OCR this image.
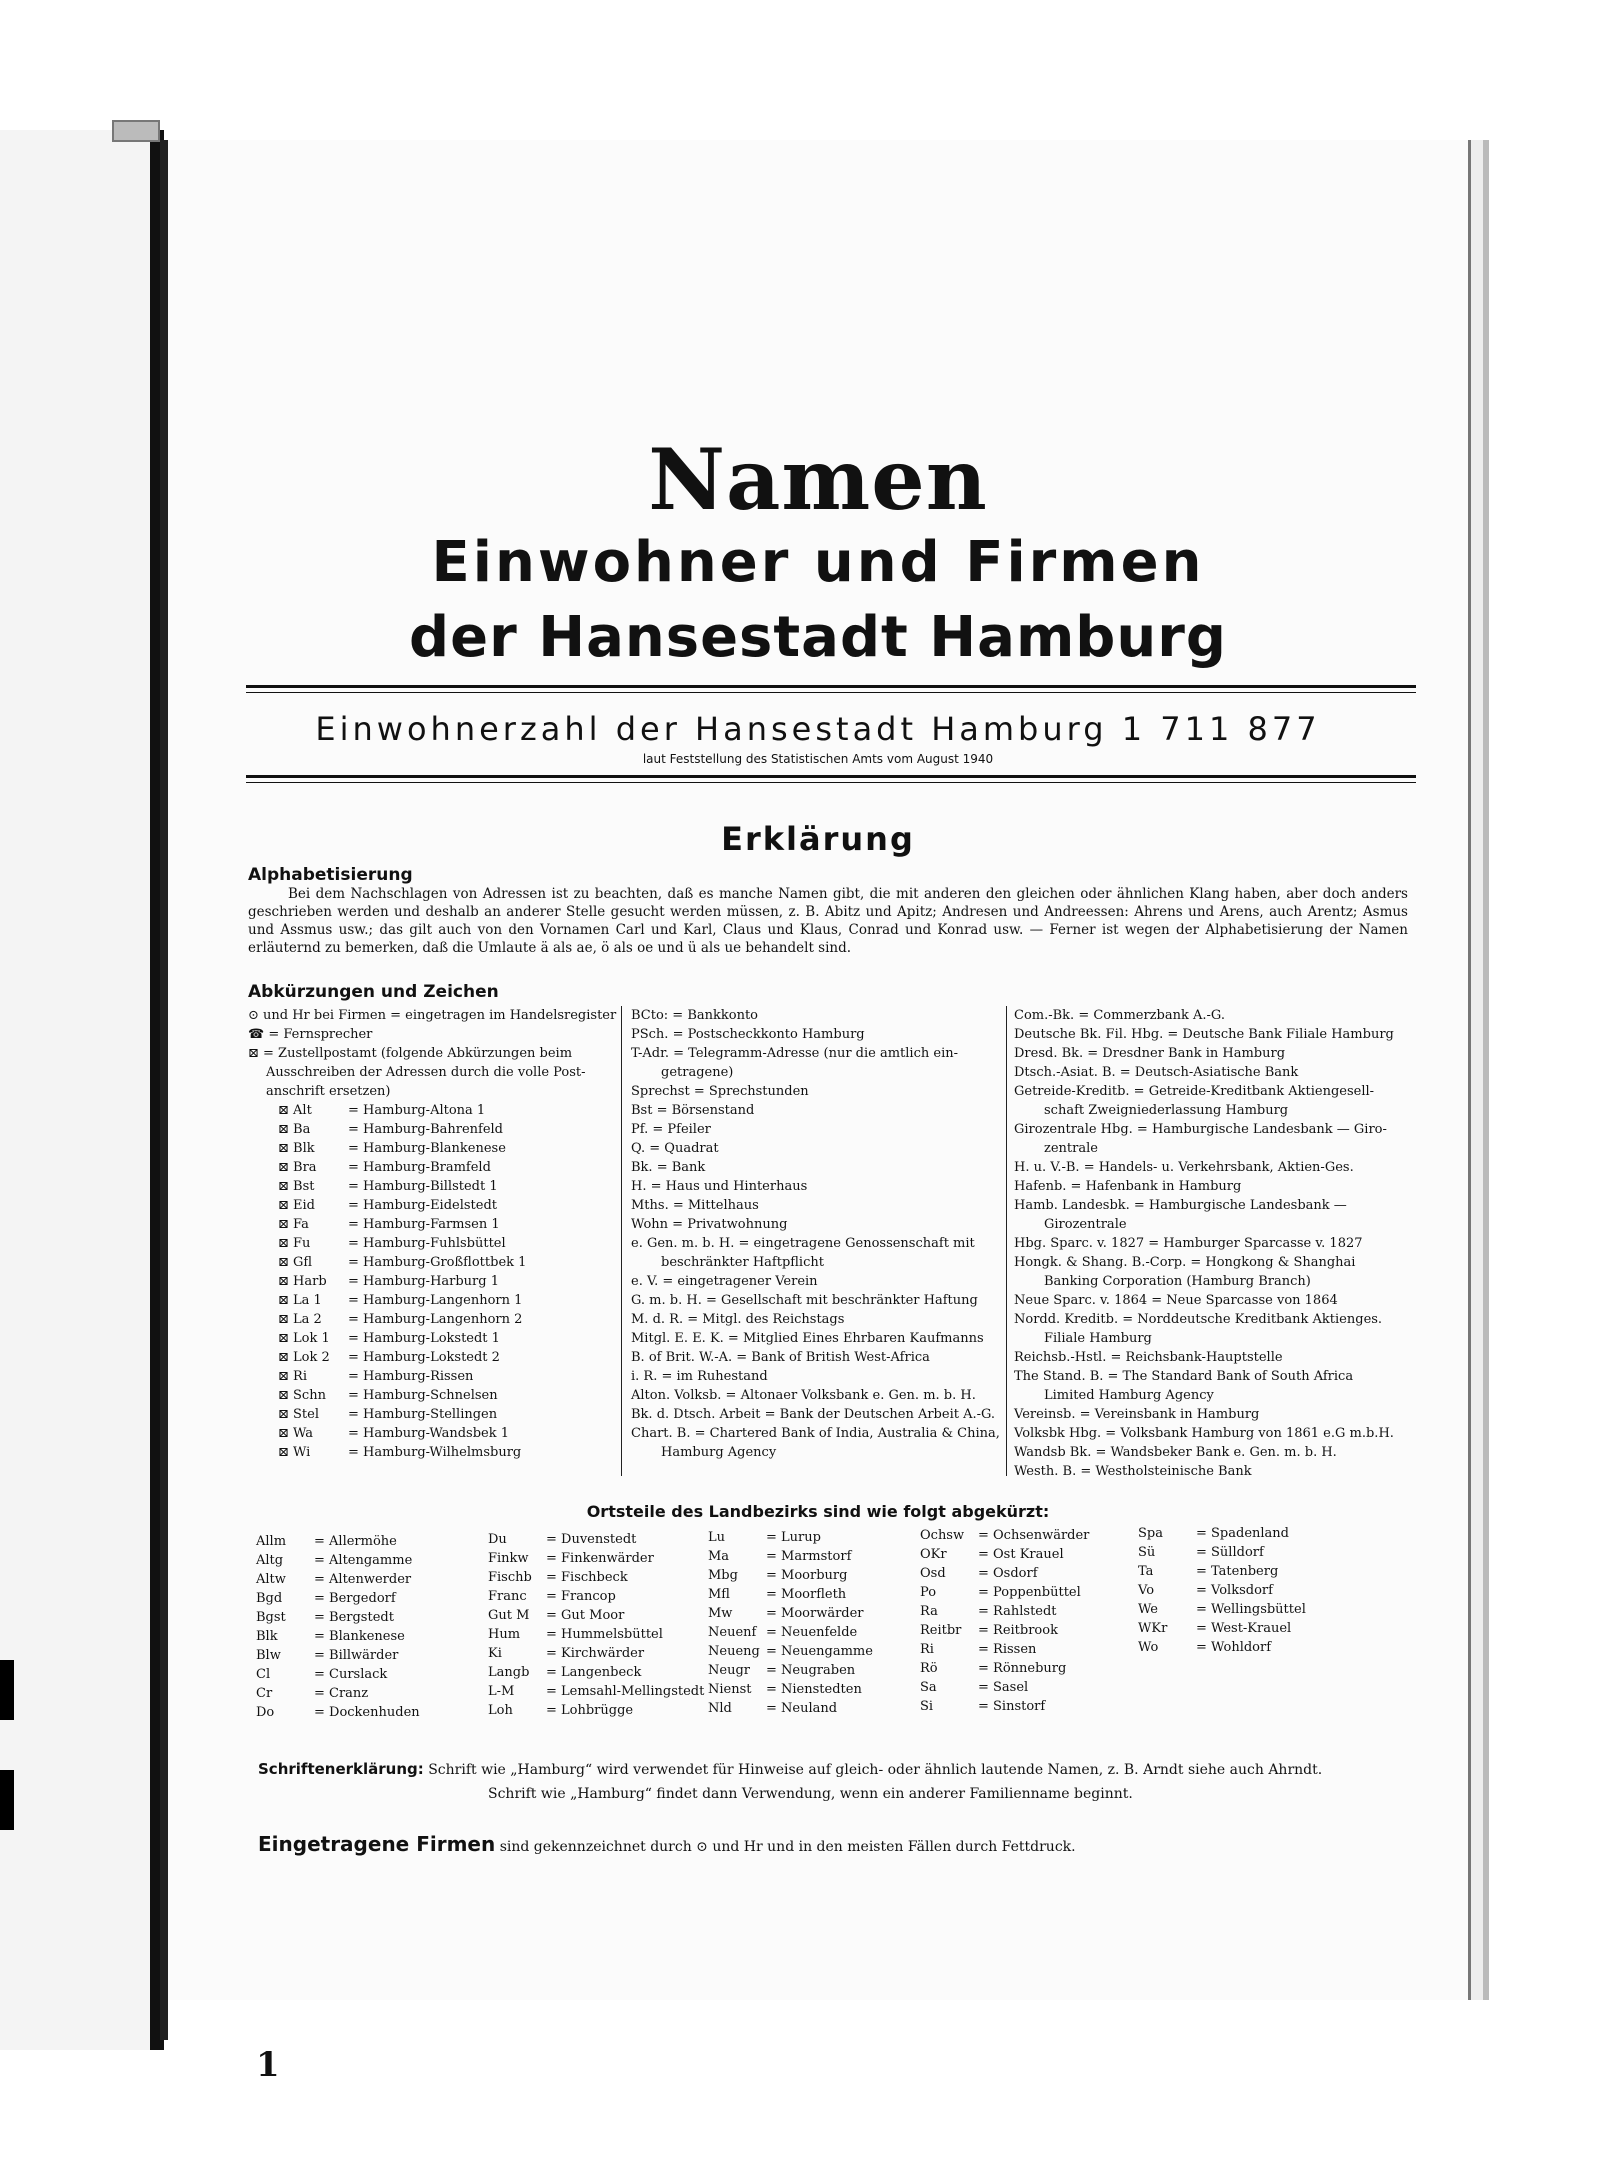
Namen
Einwohner und Firmen
der Hansestadt Hamburg
Einwohnerzahl der Hansestadt Hamburg 1 711 877
laut Feststellung des Statistischen Amts vom August 1940
Erklärung
Alphabetisierung
Bei dem Nachschlagen von Adressen ist zu beachten, daß es manche Namen gibt, die mit anderen den gleichen oder ähnlichen Klang haben, aber doch anders geschrieben werden und deshalb an anderer Stelle gesucht werden müssen, z. B. Abitz und Apitz; Andresen und Andreessen: Ahrens und Arens, auch Arentz; Asmus und Assmus usw.; das gilt auch von den Vornamen Carl und Karl, Claus und Klaus, Conrad und Konrad usw. — Ferner ist wegen der Alphabetisierung der Namen erläuternd zu bemerken, daß die Umlaute ä als ae, ö als oe und ü als ue behandelt sind.
Abkürzungen und Zeichen
⊙ und Hr bei Firmen = eingetragen im Handelsregister
☎ = Fernsprecher
⊠ = Zustellpostamt (folgende Abkürzungen beim
Ausschreiben der Adressen durch die volle Post-
anschrift ersetzen)
⊠ Alt	= Hamburg-Altona 1
⊠ Ba	= Hamburg-Bahrenfeld
⊠ Blk	= Hamburg-Blankenese
⊠ Bra	= Hamburg-Bramfeld
⊠ Bst	= Hamburg-Billstedt 1
⊠ Eid	= Hamburg-Eidelstedt
⊠ Fa	= Hamburg-Farmsen 1
⊠ Fu	= Hamburg-Fuhlsbüttel
⊠ Gfl	= Hamburg-Großflottbek 1
⊠ Harb	= Hamburg-Harburg 1
⊠ La 1	= Hamburg-Langenhorn 1
⊠ La 2	= Hamburg-Langenhorn 2
⊠ Lok 1	= Hamburg-Lokstedt 1
⊠ Lok 2	= Hamburg-Lokstedt 2
⊠ Ri	= Hamburg-Rissen
⊠ Schn	= Hamburg-Schnelsen
⊠ Stel	= Hamburg-Stellingen
⊠ Wa	= Hamburg-Wandsbek 1
⊠ Wi	= Hamburg-Wilhelmsburg
BCto: = Bankkonto
PSch. = Postscheckkonto Hamburg
T-Adr. = Telegramm-Adresse (nur die amtlich ein-
getragene)
Sprechst = Sprechstunden
Bst = Börsenstand
Pf. = Pfeiler
Q. = Quadrat
Bk. = Bank
H. = Haus und Hinterhaus
Mths. = Mittelhaus
Wohn = Privatwohnung
e. Gen. m. b. H. = eingetragene Genossenschaft mit
beschränkter Haftpflicht
e. V. = eingetragener Verein
G. m. b. H. = Gesellschaft mit beschränkter Haftung
M. d. R. = Mitgl. des Reichstags
Mitgl. E. E. K. = Mitglied Eines Ehrbaren Kaufmanns
B. of Brit. W.-A. = Bank of British West-Africa
i. R. = im Ruhestand
Alton. Volksb. = Altonaer Volksbank e. Gen. m. b. H.
Bk. d. Dtsch. Arbeit = Bank der Deutschen Arbeit A.-G.
Chart. B. = Chartered Bank of India, Australia & China,
Hamburg Agency
Com.-Bk. = Commerzbank A.-G.
Deutsche Bk. Fil. Hbg. = Deutsche Bank Filiale Hamburg
Dresd. Bk. = Dresdner Bank in Hamburg
Dtsch.-Asiat. B. = Deutsch-Asiatische Bank
Getreide-Kreditb. = Getreide-Kreditbank Aktiengesell-
schaft Zweigniederlassung Hamburg
Girozentrale Hbg. = Hamburgische Landesbank — Giro-
zentrale
H. u. V.-B. = Handels- u. Verkehrsbank, Aktien-Ges.
Hafenb. = Hafenbank in Hamburg
Hamb. Landesbk. = Hamburgische Landesbank —
Girozentrale
Hbg. Sparc. v. 1827 = Hamburger Sparcasse v. 1827
Hongk. & Shang. B.-Corp. = Hongkong & Shanghai
Banking Corporation (Hamburg Branch)
Neue Sparc. v. 1864 = Neue Sparcasse von 1864
Nordd. Kreditb. = Norddeutsche Kreditbank Aktienges.
Filiale Hamburg
Reichsb.-Hstl. = Reichsbank-Hauptstelle
The Stand. B. = The Standard Bank of South Africa
Limited Hamburg Agency
Vereinsb. = Vereinsbank in Hamburg
Volksbk Hbg. = Volksbank Hamburg von 1861 e.G m.b.H.
Wandsb Bk. = Wandsbeker Bank e. Gen. m. b. H.
Westh. B. = Westholsteinische Bank
Ortsteile des Landbezirks sind wie folgt abgekürzt:
Allm	= Allermöhe
Altg	= Altengamme
Altw	= Altenwerder
Bgd	= Bergedorf
Bgst	= Bergstedt
Blk	= Blankenese
Blw	= Billwärder
Cl	= Curslack
Cr	= Cranz
Do	= Dockenhuden
Du	= Duvenstedt
Finkw	= Finkenwärder
Fischb	= Fischbeck
Franc	= Francop
Gut M	= Gut Moor
Hum	= Hummelsbüttel
Ki	= Kirchwärder
Langb	= Langenbeck
L-M	= Lemsahl-Mellingstedt
Loh	= Lohbrügge
Lu	= Lurup
Ma	= Marmstorf
Mbg	= Moorburg
Mfl	= Moorfleth
Mw	= Moorwärder
Neuenf = Neuenfelde
Neueng = Neuengamme
Neugr	= Neugraben
Nienst	= Nienstedten
Nld	= Neuland
Ochsw	= Ochsenwärder
OKr	= Ost Krauel
Osd	= Osdorf
Po	= Poppenbüttel
Ra	= Rahlstedt
Reitbr	= Reitbrook
Ri	= Rissen
Rö	= Rönneburg
Sa	= Sasel
Si	= Sinstorf
Spa	= Spadenland
Sü	= Sülldorf
Ta	= Tatenberg
Vo	= Volksdorf
We	= Wellingsbüttel
WKr	= West-Krauel
Wo	= Wohldorf
Schriftenerklärung: Schrift wie „Hamburg“ wird verwendet für Hinweise auf gleich- oder ähnlich lautende Namen, z. B. Arndt siehe auch Ahrndt.
Schrift wie „Hamburg“ findet dann Verwendung, wenn ein anderer Familienname beginnt.
Eingetragene Firmen sind gekennzeichnet durch ⊙ und Hr und in den meisten Fällen durch Fettdruck.
1
